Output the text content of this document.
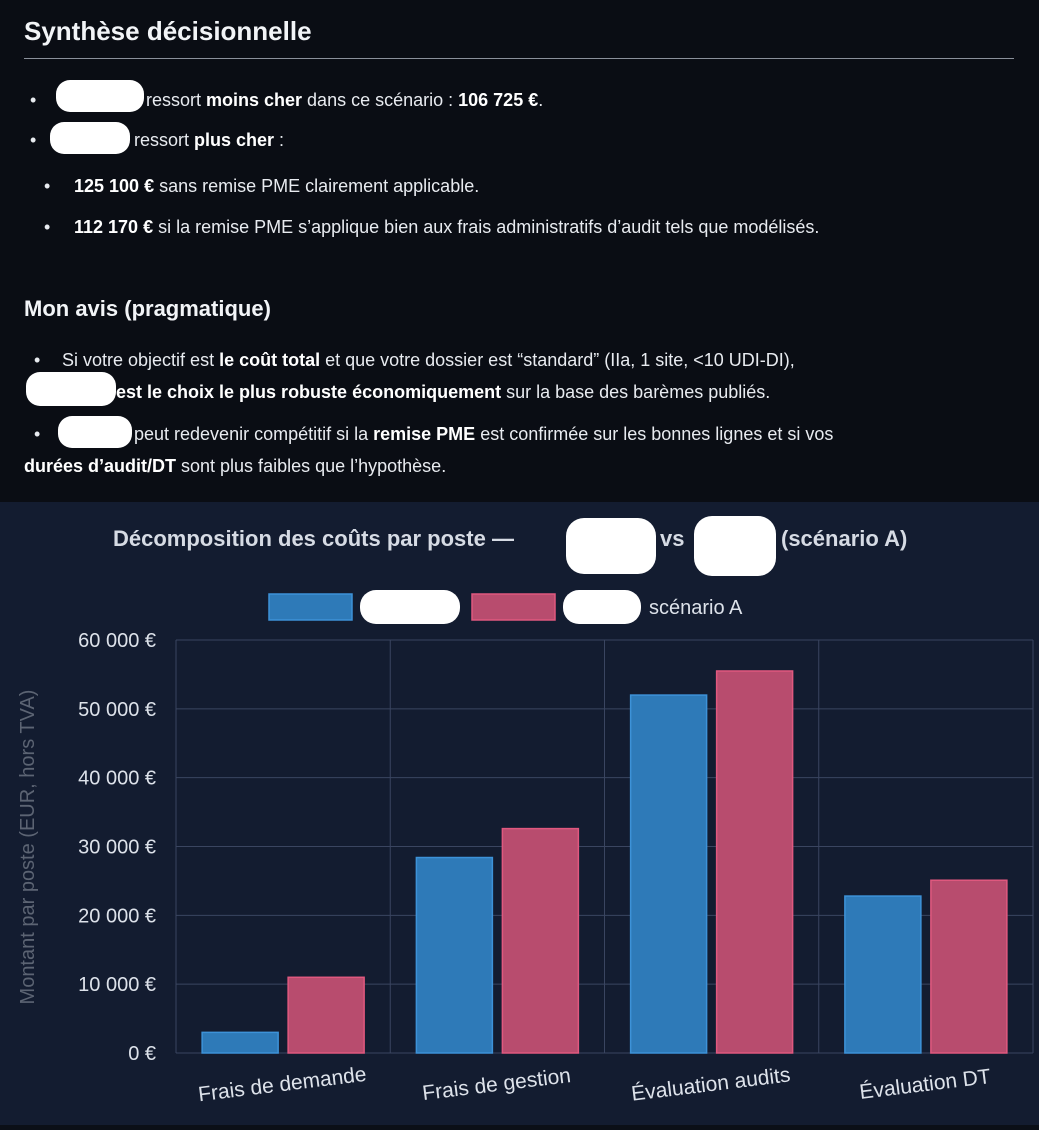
Synthèse décisionnelle
•	ressort moins cher dans ce scénario : 106 725 €.
•	ressort plus cher :
• 125 100 € sans remise PME clairement applicable.
• 112 170 € si la remise PME s’applique bien aux frais administratifs d’audit tels que modélisés.
Mon avis (pragmatique)
• Si votre objectif est le coût total et que votre dossier est “standard” (IIa, 1 site, <10 UDI-DI),
est le choix le plus robuste économiquement sur la base des barèmes publiés.
•	peut redevenir compétitif si la remise PME est confirmée sur les bonnes lignes et si vos
durées d’audit/DT sont plus faibles que l’hypothèse.
Décomposition des coûts par poste —	vs	(scénario A)
scénario A
Montant par poste (EUR, hors TVA)
0 €
10 000 €
20 000 €
30 000 €
40 000 €
50 000 €
60 000 €
Frais de demande	Frais de gestion	Évaluation audits	Évaluation DT
